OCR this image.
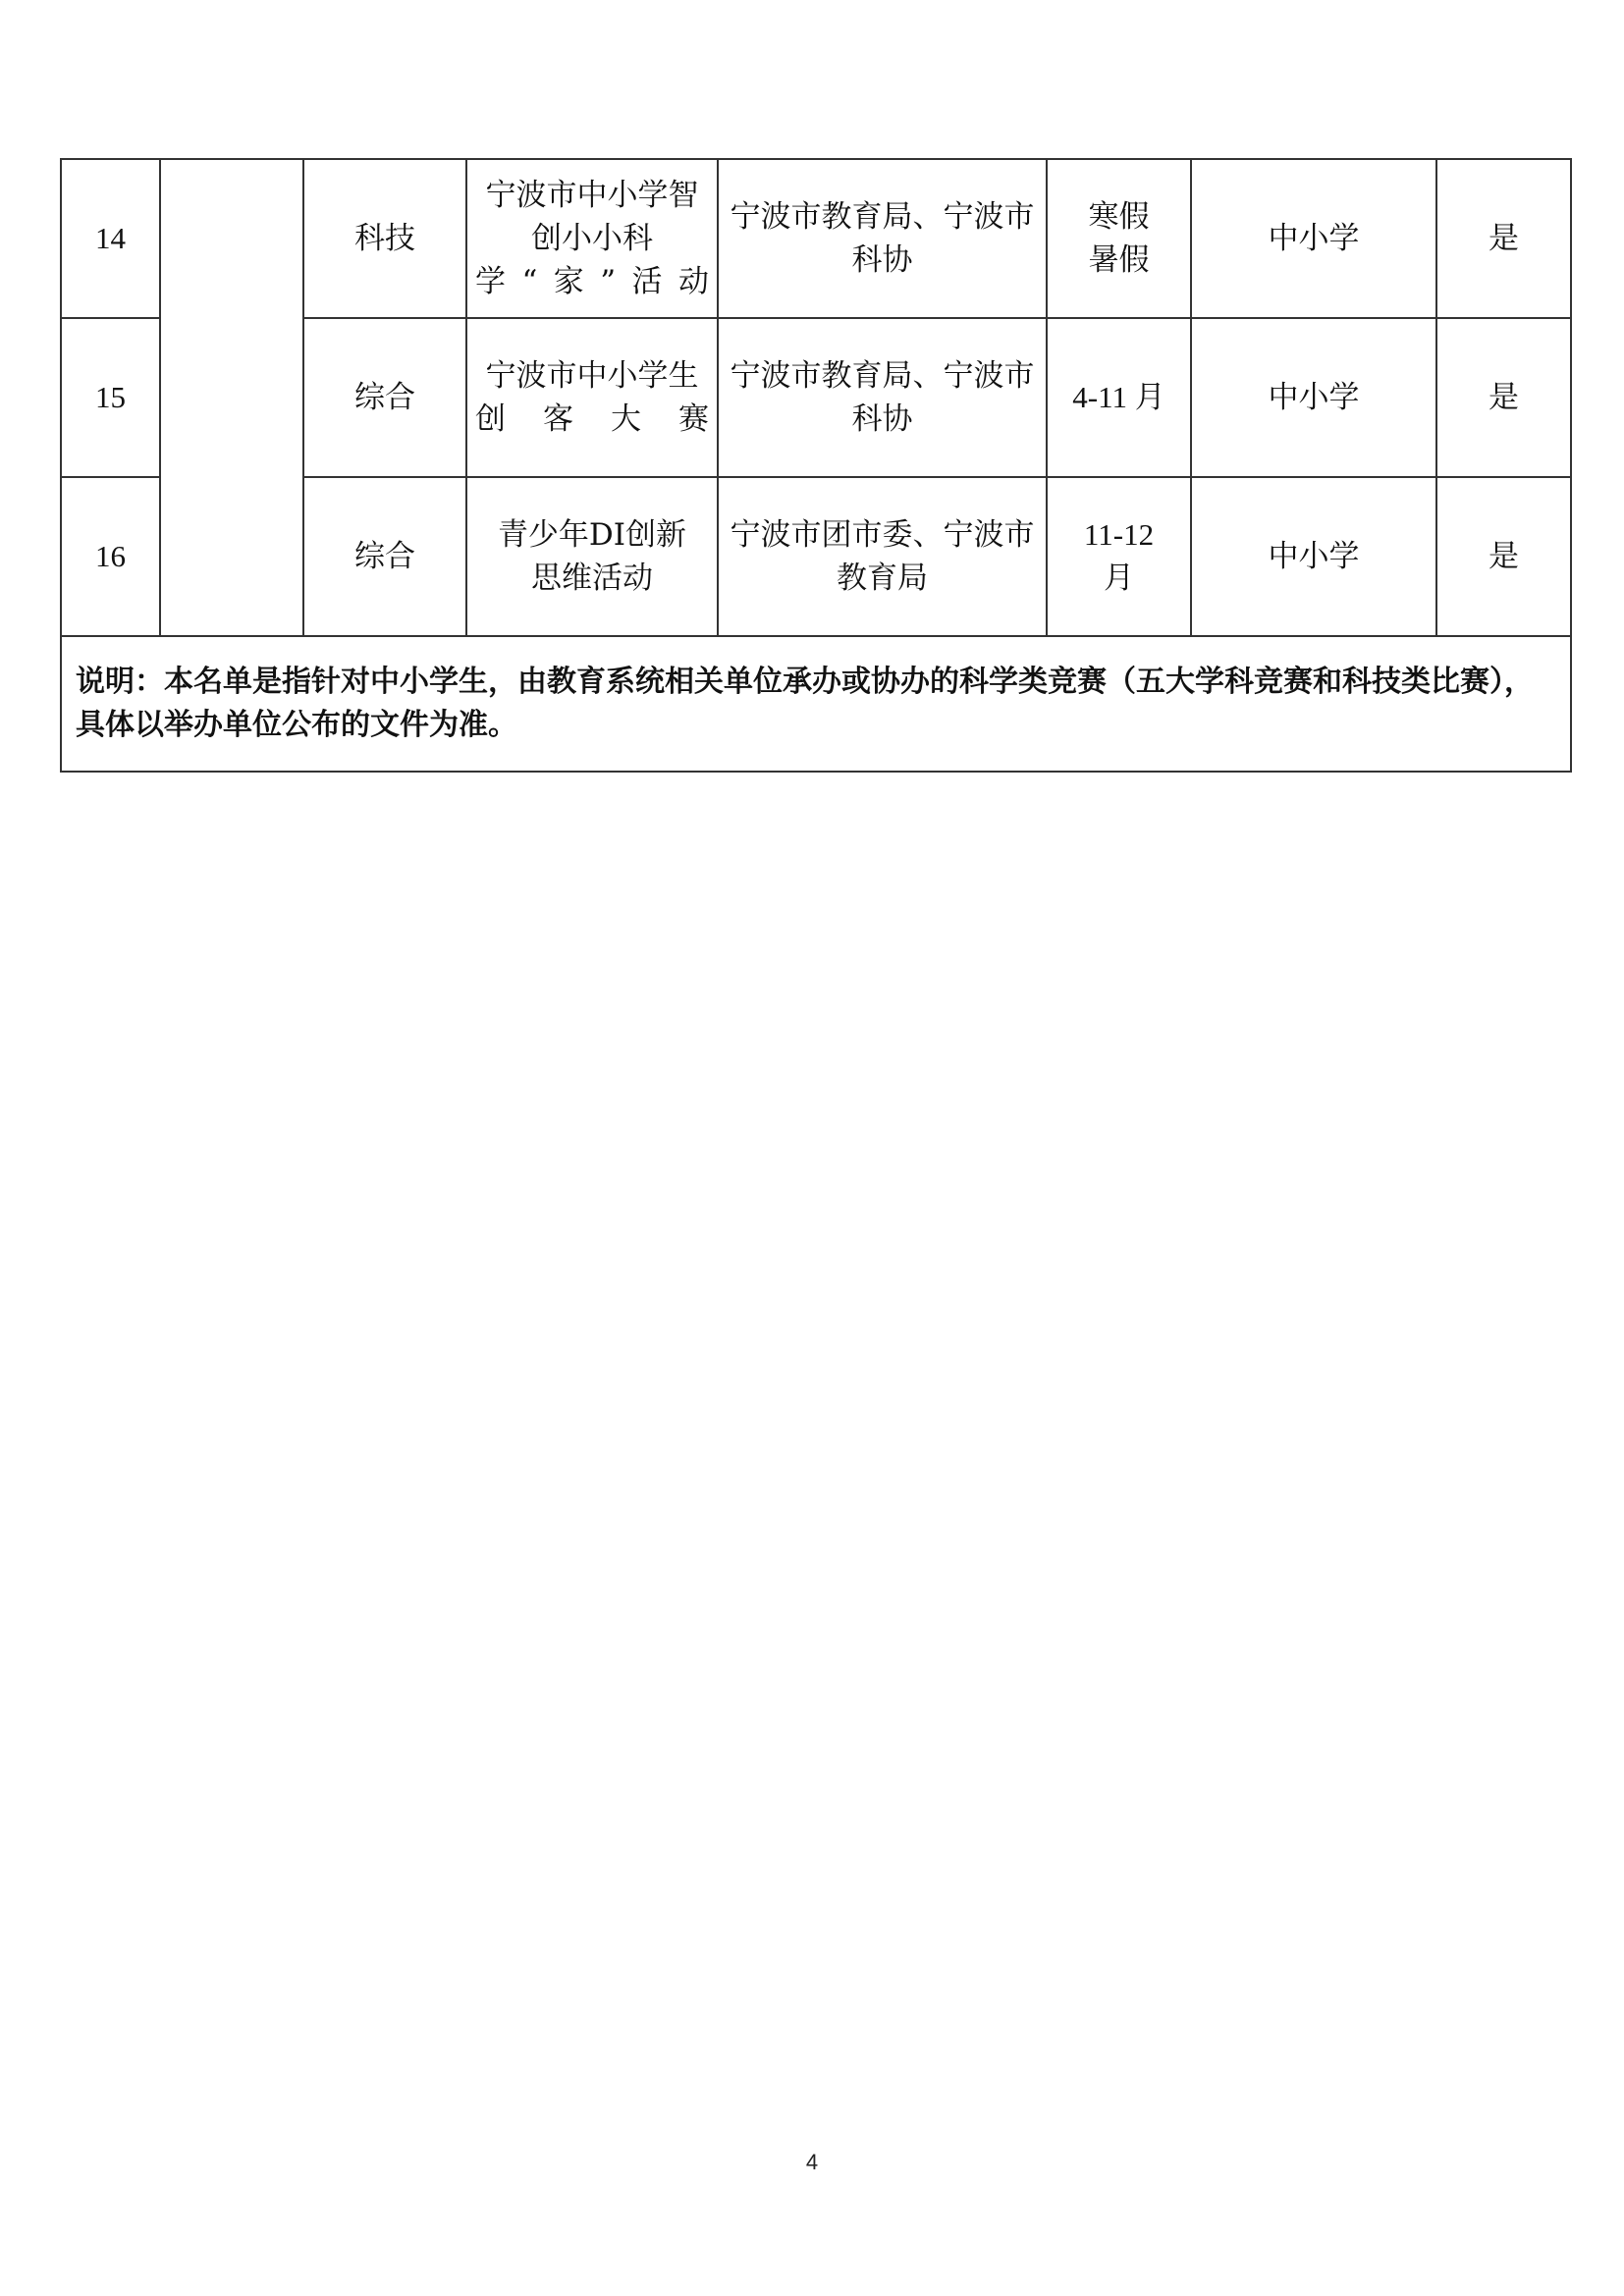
14		科技	宁波市中小学智创小小科学“家”活动	宁波市教育局、宁波市科协	寒假暑假	中小学	是
15		综合	宁波市中小学生创客大赛	宁波市教育局、宁波市科协	4-11 月	中小学	是
16		综合	青少年DI创新思维活动	宁波市团市委、宁波市教育局	11-12月	中小学	是
说明：本名单是指针对中小学生，由教育系统相关单位承办或协办的科学类竞赛（五大学科竞赛和科技类比赛），具体以举办单位公布的文件为准。							
4
